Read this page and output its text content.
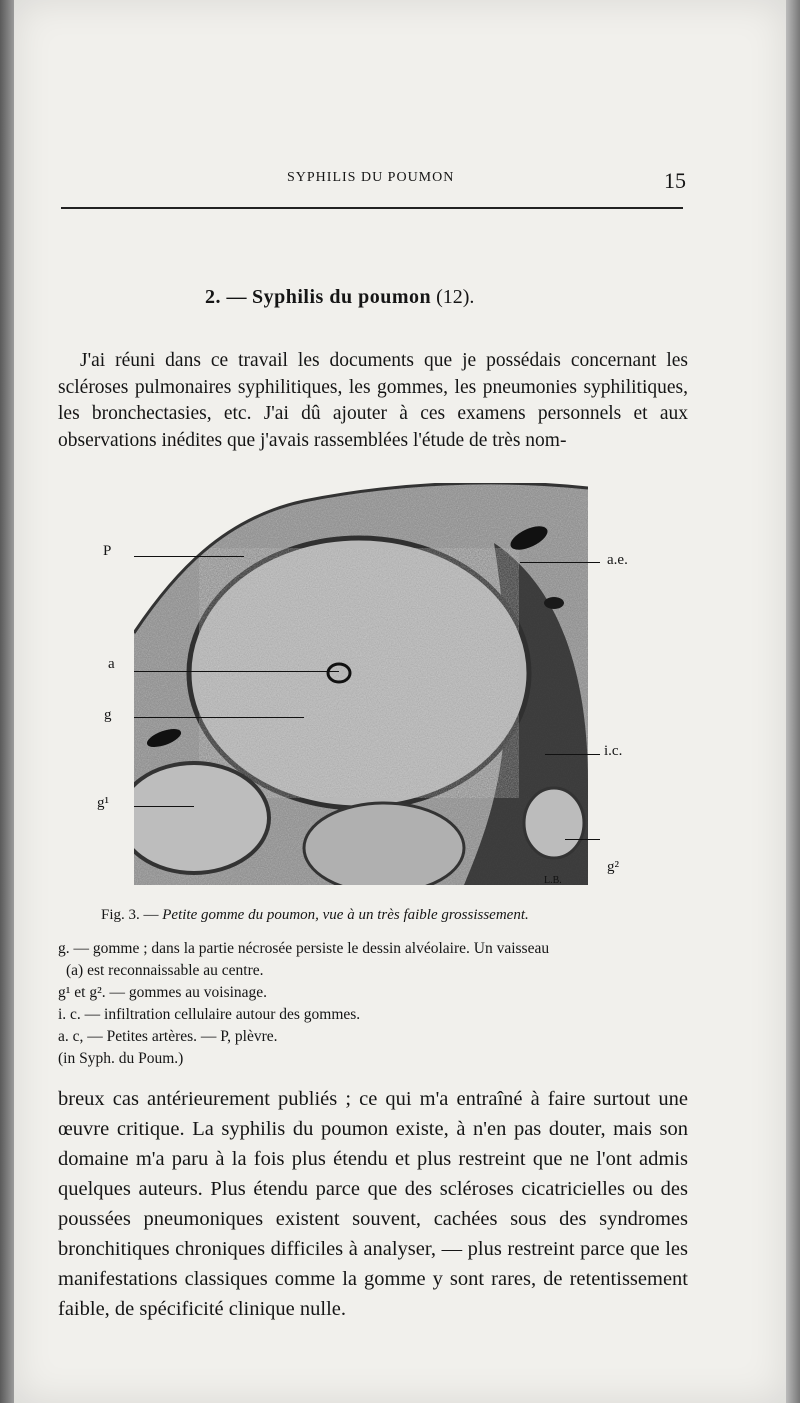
SYPHILIS DU POUMON	15
2. — Syphilis du poumon (12).
J'ai réuni dans ce travail les documents que je possédais concernant les scléroses pulmonaires syphilitiques, les gommes, les pneumonies syphilitiques, les bronchectasies, etc. J'ai dû ajouter à ces examens personnels et aux observations inédites que j'avais rassemblées l'étude de très nom-
L.B.
P
a
g
g¹
a.e.
i.c.
g²
Fig. 3. — Petite gomme du poumon, vue à un très faible grossissement.
g. — gomme ; dans la partie nécrosée persiste le dessin alvéolaire. Un vaisseau
(a) est reconnaissable au centre.
g¹ et g². — gommes au voisinage.
i. c. — infiltration cellulaire autour des gommes.
a. c, — Petites artères. — P, plèvre.
(in Syph. du Poum.)
breux cas antérieurement publiés ; ce qui m'a entraîné à faire surtout une œuvre critique. La syphilis du poumon existe, à n'en pas douter, mais son domaine m'a paru à la fois plus étendu et plus restreint que ne l'ont admis quelques auteurs. Plus étendu parce que des scléroses cicatricielles ou des poussées pneumoniques existent souvent, cachées sous des syndromes bronchitiques chroniques difficiles à analyser, — plus restreint parce que les manifestations classiques comme la gomme y sont rares, de retentissement faible, de spécificité clinique nulle.
